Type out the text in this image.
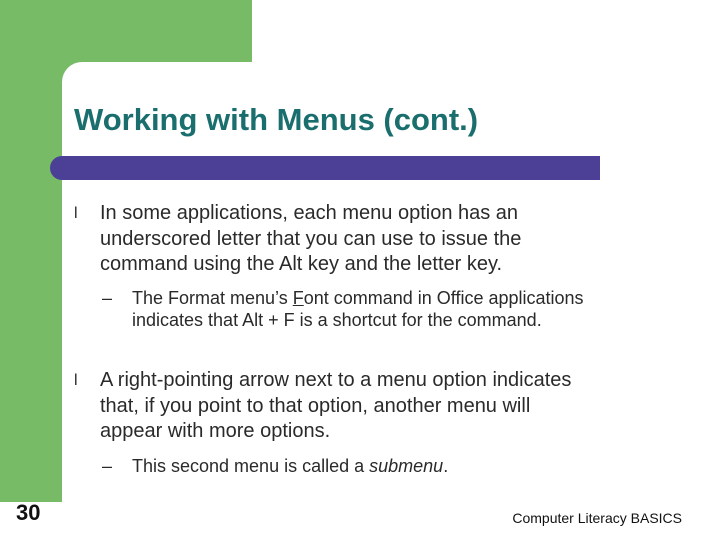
Working with Menus (cont.)

l In some applications, each menu option has an underscored letter that you can use to issue the command using the Alt key and the letter key.

– The Format menu’s Font command in Office applications indicates that Alt + F is a shortcut for the command.

l A right-pointing arrow next to a menu option indicates that, if you point to that option, another menu will appear with more options.

– This second menu is called a submenu.

30	Computer Literacy BASICS
